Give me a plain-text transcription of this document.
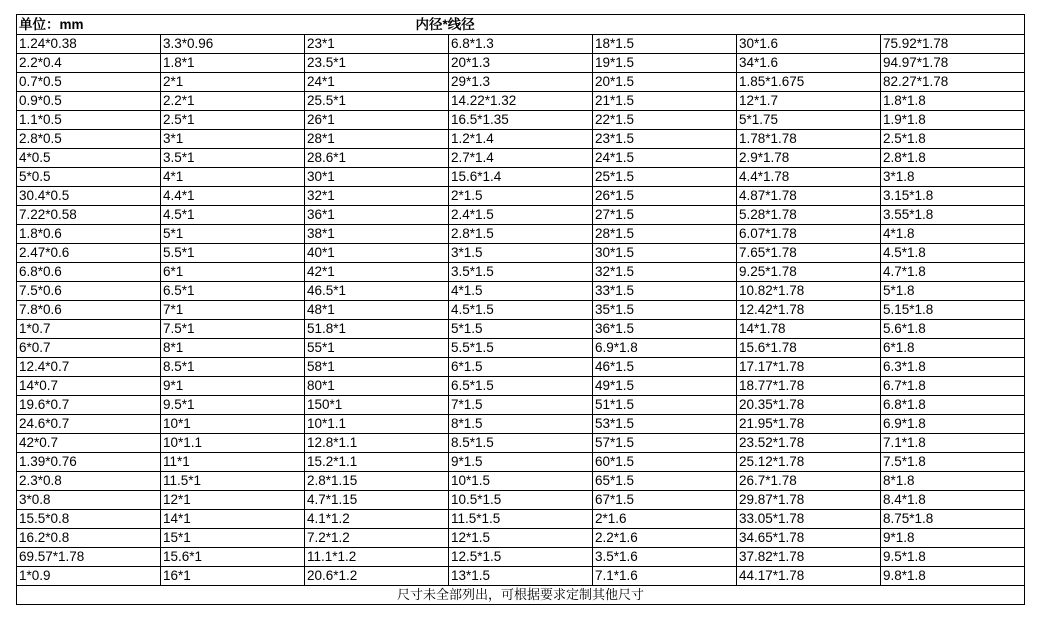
单位：mm	内径*线径					

1.24*0.38	3.3*0.96	23*1	6.8*1.3	18*1.5	30*1.6	75.92*1.78
2.2*0.4	1.8*1	23.5*1	20*1.3	19*1.5	34*1.6	94.97*1.78
0.7*0.5	2*1	24*1	29*1.3	20*1.5	1.85*1.675	82.27*1.78
0.9*0.5	2.2*1	25.5*1	14.22*1.32	21*1.5	12*1.7	1.8*1.8
1.1*0.5	2.5*1	26*1	16.5*1.35	22*1.5	5*1.75	1.9*1.8
2.8*0.5	3*1	28*1	1.2*1.4	23*1.5	1.78*1.78	2.5*1.8
4*0.5	3.5*1	28.6*1	2.7*1.4	24*1.5	2.9*1.78	2.8*1.8
5*0.5	4*1	30*1	15.6*1.4	25*1.5	4.4*1.78	3*1.8
30.4*0.5	4.4*1	32*1	2*1.5	26*1.5	4.87*1.78	3.15*1.8
7.22*0.58	4.5*1	36*1	2.4*1.5	27*1.5	5.28*1.78	3.55*1.8
1.8*0.6	5*1	38*1	2.8*1.5	28*1.5	6.07*1.78	4*1.8
2.47*0.6	5.5*1	40*1	3*1.5	30*1.5	7.65*1.78	4.5*1.8
6.8*0.6	6*1	42*1	3.5*1.5	32*1.5	9.25*1.78	4.7*1.8
7.5*0.6	6.5*1	46.5*1	4*1.5	33*1.5	10.82*1.78	5*1.8
7.8*0.6	7*1	48*1	4.5*1.5	35*1.5	12.42*1.78	5.15*1.8
1*0.7	7.5*1	51.8*1	5*1.5	36*1.5	14*1.78	5.6*1.8
6*0.7	8*1	55*1	5.5*1.5	6.9*1.8	15.6*1.78	6*1.8
12.4*0.7	8.5*1	58*1	6*1.5	46*1.5	17.17*1.78	6.3*1.8
14*0.7	9*1	80*1	6.5*1.5	49*1.5	18.77*1.78	6.7*1.8
19.6*0.7	9.5*1	150*1	7*1.5	51*1.5	20.35*1.78	6.8*1.8
24.6*0.7	10*1	10*1.1	8*1.5	53*1.5	21.95*1.78	6.9*1.8
42*0.7	10*1.1	12.8*1.1	8.5*1.5	57*1.5	23.52*1.78	7.1*1.8
1.39*0.76	11*1	15.2*1.1	9*1.5	60*1.5	25.12*1.78	7.5*1.8
2.3*0.8	11.5*1	2.8*1.15	10*1.5	65*1.5	26.7*1.78	8*1.8
3*0.8	12*1	4.7*1.15	10.5*1.5	67*1.5	29.87*1.78	8.4*1.8
15.5*0.8	14*1	4.1*1.2	11.5*1.5	2*1.6	33.05*1.78	8.75*1.8
16.2*0.8	15*1	7.2*1.2	12*1.5	2.2*1.6	34.65*1.78	9*1.8
69.57*1.78	15.6*1	11.1*1.2	12.5*1.5	3.5*1.6	37.82*1.78	9.5*1.8
1*0.9	16*1	20.6*1.2	13*1.5	7.1*1.6	44.17*1.78	9.8*1.8
尺寸未全部列出，可根据要求定制其他尺寸						
